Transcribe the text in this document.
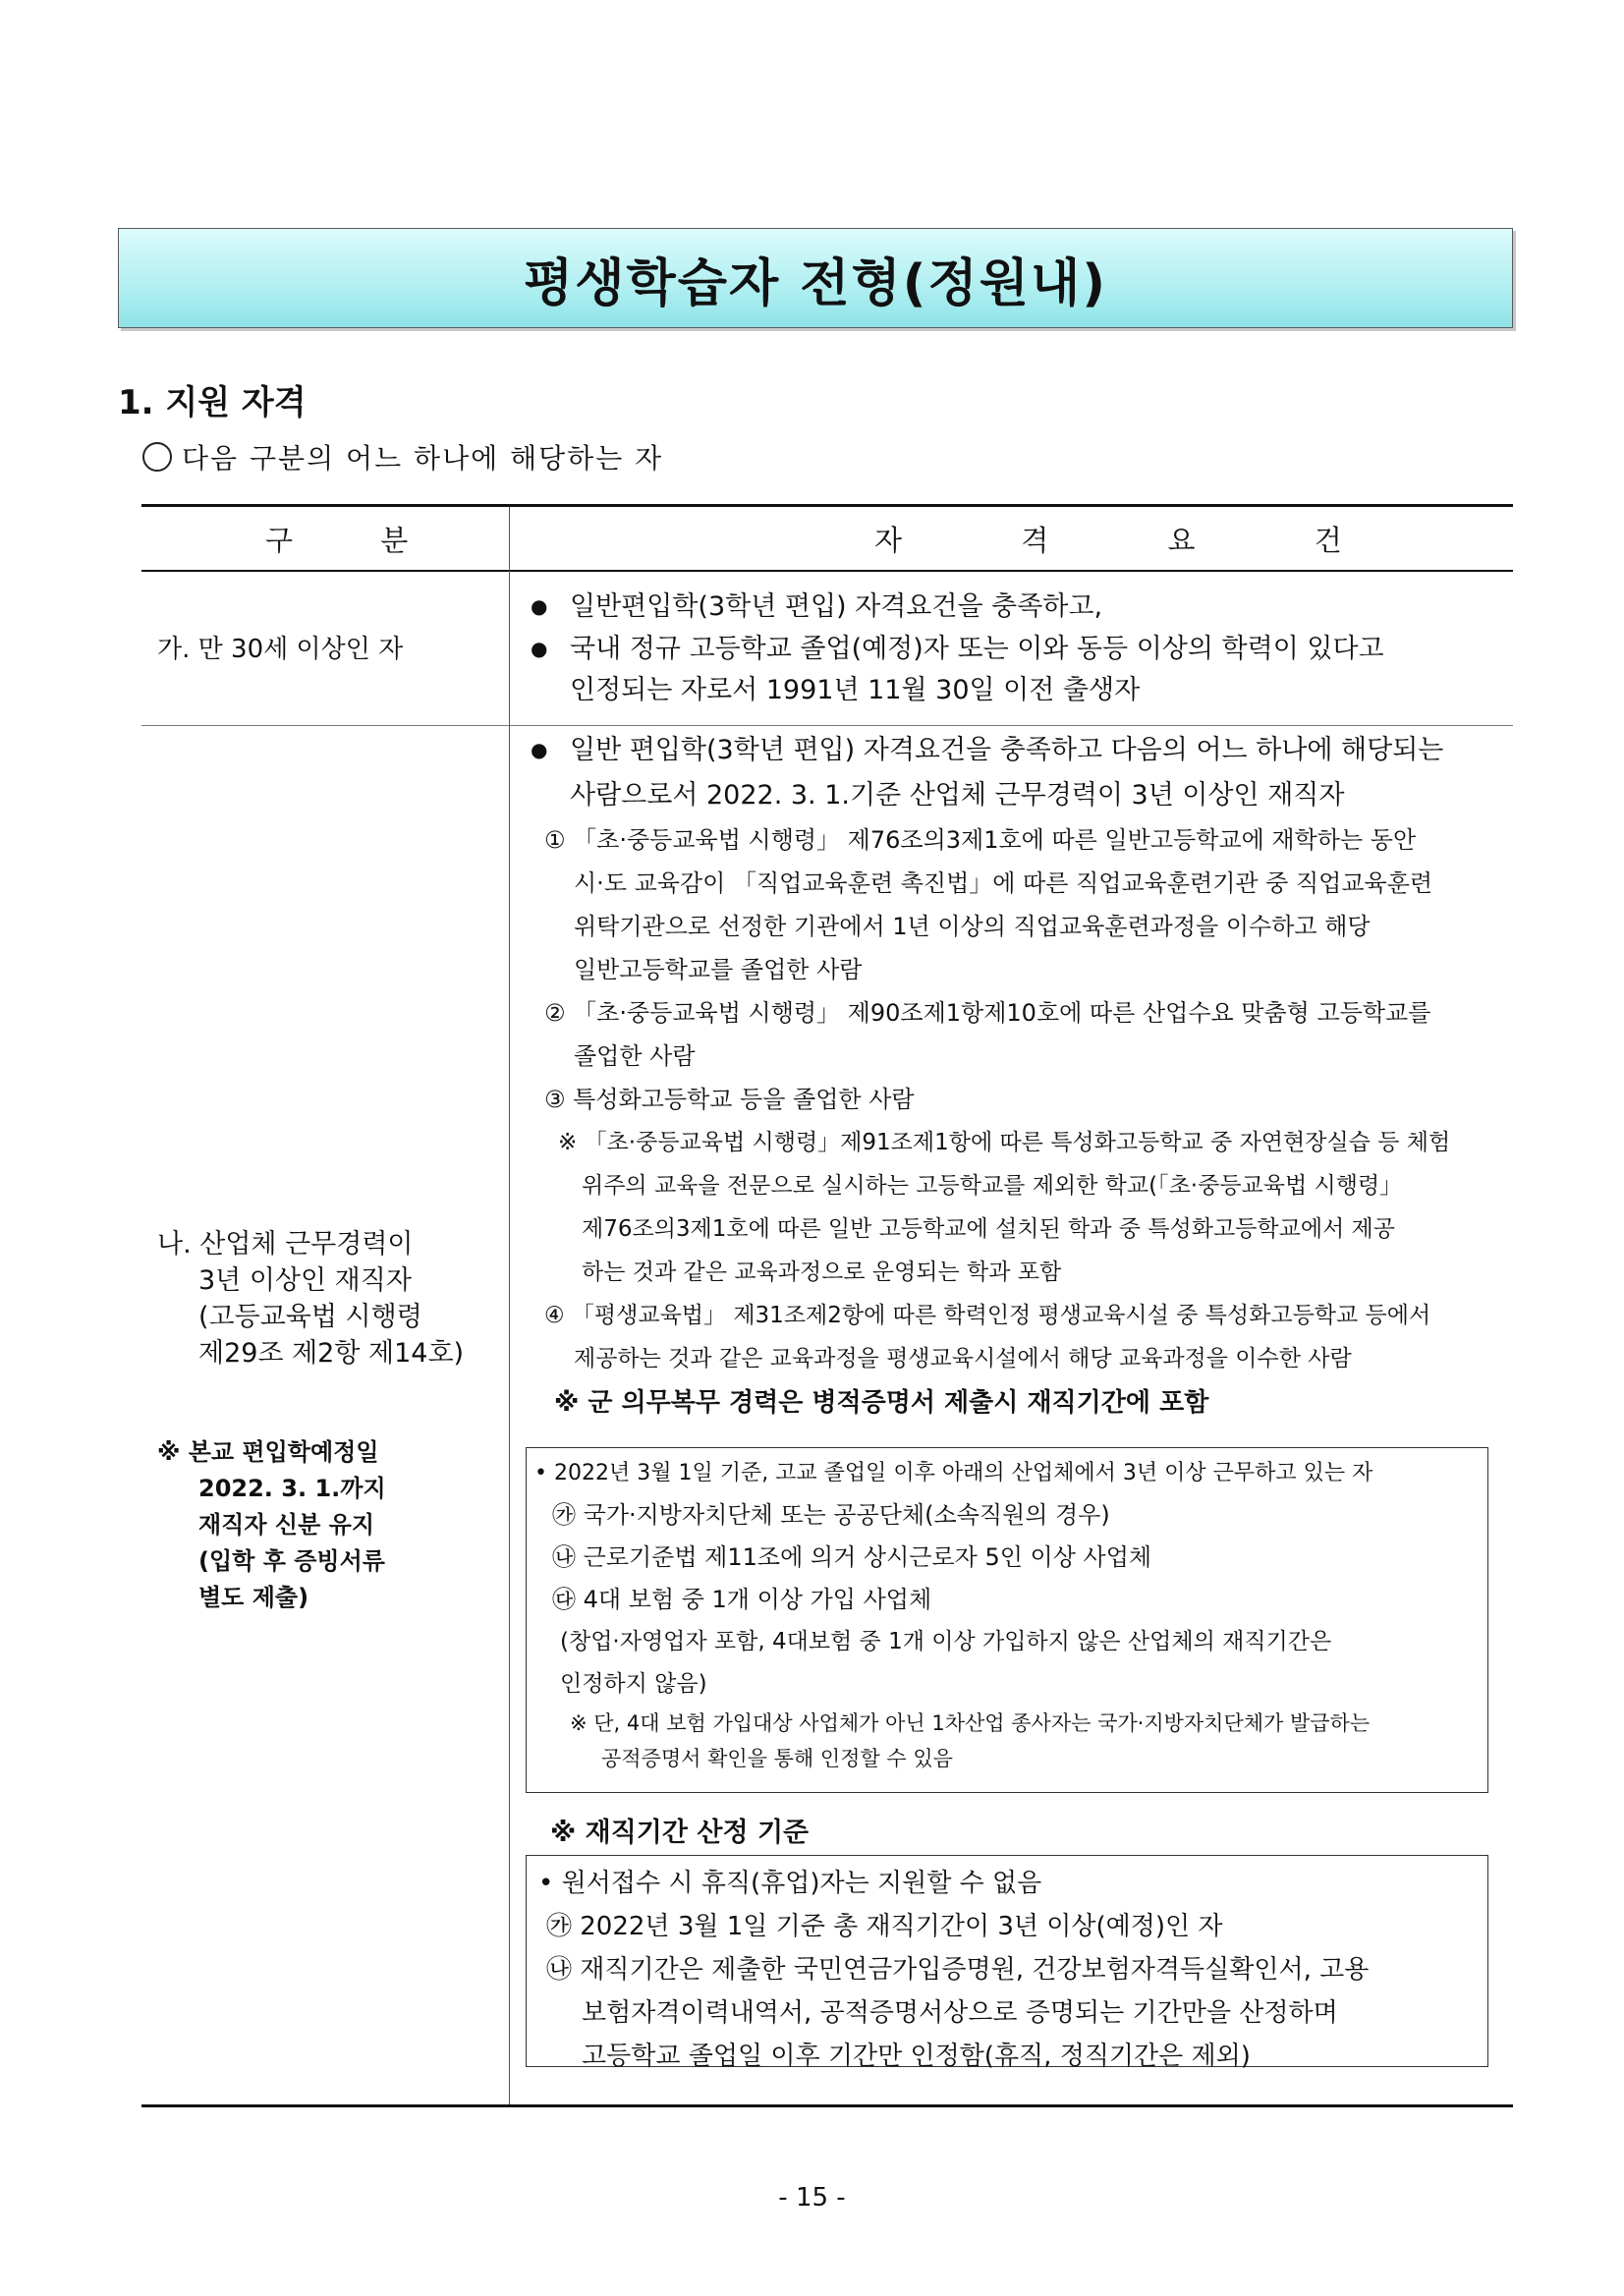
평생학습자 전형(정원내)
1. 지원 자격
다음 구분의 어느 하나에 해당하는 자
구 분	자 격 요 건
가. 만 30세 이상인 자
● 일반편입학(3학년 편입) 자격요건을 충족하고,
● 국내 정규 고등학교 졸업(예정)자 또는 이와 동등 이상의 학력이 있다고
인정되는 자로서 1991년 11월 30일 이전 출생자
나. 산업체 근무경력이
3년 이상인 재직자
(고등교육법 시행령
제29조 제2항 제14호)
※ 본교 편입학예정일
2022. 3. 1.까지
재직자 신분 유지
(입학 후 증빙서류
별도 제출)
● 일반 편입학(3학년 편입) 자격요건을 충족하고 다음의 어느 하나에 해당되는
사람으로서 2022. 3. 1.기준 산업체 근무경력이 3년 이상인 재직자
① 「초·중등교육법 시행령」 제76조의3제1호에 따른 일반고등학교에 재학하는 동안
시·도 교육감이 「직업교육훈련 촉진법」에 따른 직업교육훈련기관 중 직업교육훈련
위탁기관으로 선정한 기관에서 1년 이상의 직업교육훈련과정을 이수하고 해당
일반고등학교를 졸업한 사람
② 「초·중등교육법 시행령」 제90조제1항제10호에 따른 산업수요 맞춤형 고등학교를
졸업한 사람
③ 특성화고등학교 등을 졸업한 사람
※ 「초·중등교육법 시행령」제91조제1항에 따른 특성화고등학교 중 자연현장실습 등 체험
위주의 교육을 전문으로 실시하는 고등학교를 제외한 학교(「초·중등교육법 시행령」
제76조의3제1호에 따른 일반 고등학교에 설치된 학과 중 특성화고등학교에서 제공
하는 것과 같은 교육과정으로 운영되는 학과 포함
④ 「평생교육법」 제31조제2항에 따른 학력인정 평생교육시설 중 특성화고등학교 등에서
제공하는 것과 같은 교육과정을 평생교육시설에서 해당 교육과정을 이수한 사람
※ 군 의무복무 경력은 병적증명서 제출시 재직기간에 포함
• 2022년 3월 1일 기준, 고교 졸업일 이후 아래의 산업체에서 3년 이상 근무하고 있는 자
㉮ 국가·지방자치단체 또는 공공단체(소속직원의 경우)
㉯ 근로기준법 제11조에 의거 상시근로자 5인 이상 사업체
㉰ 4대 보험 중 1개 이상 가입 사업체
(창업·자영업자 포함, 4대보험 중 1개 이상 가입하지 않은 산업체의 재직기간은
인정하지 않음)
※ 단, 4대 보험 가입대상 사업체가 아닌 1차산업 종사자는 국가·지방자치단체가 발급하는
공적증명서 확인을 통해 인정할 수 있음
※ 재직기간 산정 기준
• 원서접수 시 휴직(휴업)자는 지원할 수 없음
㉮ 2022년 3월 1일 기준 총 재직기간이 3년 이상(예정)인 자
㉯ 재직기간은 제출한 국민연금가입증명원, 건강보험자격득실확인서, 고용
보험자격이력내역서, 공적증명서상으로 증명되는 기간만을 산정하며
고등학교 졸업일 이후 기간만 인정함(휴직, 정직기간은 제외)
- 15 -
